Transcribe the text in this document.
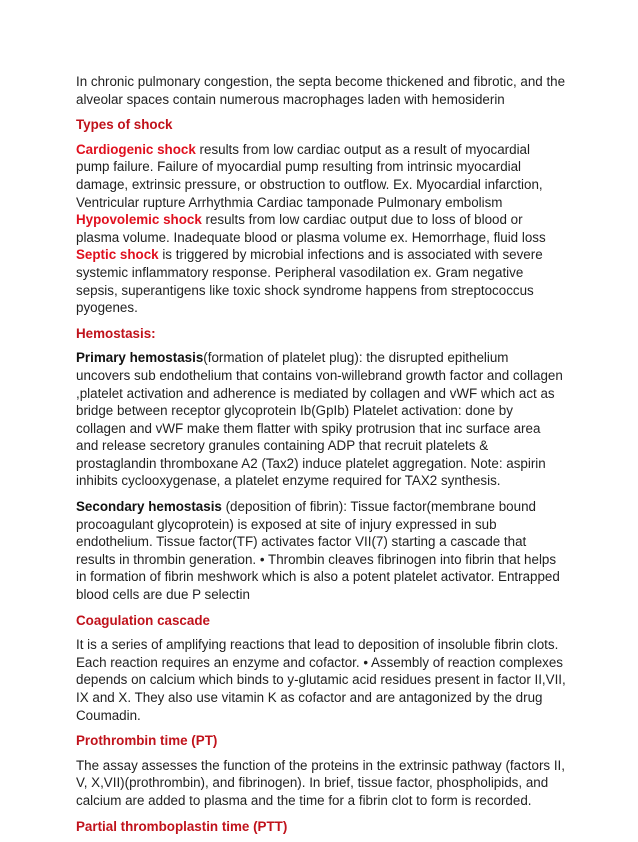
In chronic pulmonary congestion, the septa become thickened and fibrotic, and the alveolar spaces contain numerous macrophages laden with hemosiderin

Types of shock

Cardiogenic shock results from low cardiac output as a result of myocardial pump failure. Failure of myocardial pump resulting from intrinsic myocardial damage, extrinsic pressure, or obstruction to outflow. Ex. Myocardial infarction, Ventricular rupture Arrhythmia Cardiac tamponade Pulmonary embolism Hypovolemic shock results from low cardiac output due to loss of blood or plasma volume. Inadequate blood or plasma volume ex. Hemorrhage, fluid loss Septic shock is triggered by microbial infections and is associated with severe systemic inflammatory response. Peripheral vasodilation ex. Gram negative sepsis, superantigens like toxic shock syndrome happens from streptococcus pyogenes.

Hemostasis:

Primary hemostasis(formation of platelet plug): the disrupted epithelium uncovers sub endothelium that contains von-willebrand growth factor and collagen ,platelet activation and adherence is mediated by collagen and vWF which act as bridge between receptor glycoprotein Ib(GpIb) Platelet activation: done by collagen and vWF make them flatter with spiky protrusion that inc surface area and release secretory granules containing ADP that recruit platelets & prostaglandin thromboxane A2 (Tax2) induce platelet aggregation. Note: aspirin inhibits cyclooxygenase, a platelet enzyme required for TAX2 synthesis.

Secondary hemostasis (deposition of fibrin): Tissue factor(membrane bound procoagulant glycoprotein) is exposed at site of injury expressed in sub endothelium. Tissue factor(TF) activates factor VII(7) starting a cascade that results in thrombin generation. • Thrombin cleaves fibrinogen into fibrin that helps in formation of fibrin meshwork which is also a potent platelet activator. Entrapped blood cells are due P selectin

Coagulation cascade

It is a series of amplifying reactions that lead to deposition of insoluble fibrin clots. Each reaction requires an enzyme and cofactor. • Assembly of reaction complexes depends on calcium which binds to y-glutamic acid residues present in factor II,VII, IX and X. They also use vitamin K as cofactor and are antagonized by the drug Coumadin.

Prothrombin time (PT)

The assay assesses the function of the proteins in the extrinsic pathway (factors II, V, X,VII)(prothrombin), and fibrinogen). In brief, tissue factor, phospholipids, and calcium are added to plasma and the time for a fibrin clot to form is recorded.

Partial thromboplastin time (PTT)
